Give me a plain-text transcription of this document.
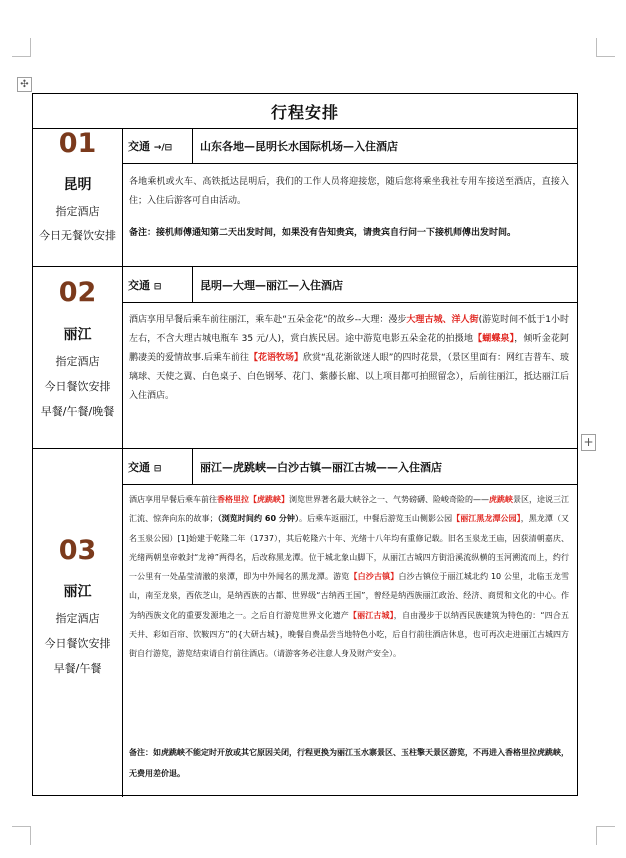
✣
+
行程安排
01
昆明
指定酒店
今日无餐饮安排
交通 →/⊟	山东各地—昆明长水国际机场—入住酒店
各地乘机或火车、高铁抵达昆明后，我们的工作人员将迎接您，随后您将乘坐我社专用车接送至酒店，直接入住；入住后游客可自由活动。
备注：接机师傅通知第二天出发时间，如果没有告知贵宾，请贵宾自行问一下接机师傅出发时间。
02
丽江
指定酒店
今日餐饮安排
早餐/午餐/晚餐
交通 ⊟	昆明—大理—丽江—入住酒店
酒店享用早餐后乘车前往丽江，乘车赴“五朵金花”的故乡--大理：漫步大理古城、洋人街(游览时间不低于1小时左右，不含大理古城电瓶车 35 元/人)，赏白族民居。途中游览电影五朵金花的拍摄地【蝴蝶泉】，倾听金花阿鹏凄美的爱情故事.后乘车前往【花语牧场】欣赏“乱花渐欲迷人眼”的四时花景，（景区里面有：网红吉普车、玻璃球、天使之翼、白色桌子、白色钢琴、花门、紫藤长廊、以上项目都可拍照留念），后前往丽江，抵达丽江后入住酒店。
03
丽江
指定酒店
今日餐饮安排
早餐/午餐
交通 ⊟	丽江—虎跳峡—白沙古镇—丽江古城——入住酒店
酒店享用早餐后乘车前往香格里拉【虎跳峡】浏览世界著名最大峡谷之一、气势磅礴、险峻奇险的——虎跳峡景区，途说三江汇流、惊奔向东的故事；（浏览时间约 60 分钟）。后乘车返丽江，中餐后游览玉山侧影公园【丽江黑龙潭公园】，黑龙潭（又名玉泉公园）[1]始建于乾隆二年（1737），其后乾隆六十年、光绪十八年均有重修记载。旧名玉泉龙王庙，因获清朝嘉庆、光绪两朝皇帝敕封“龙神”两得名，后改称黑龙潭。位于城北象山脚下，从丽江古城四方街沿溪流纵横的玉河溯流而上，约行一公里有一处晶莹清澈的泉潭，即为中外闻名的黑龙潭。游览【白沙古镇】白沙古镇位于丽江城北约 10 公里，北临玉龙雪山，南至龙泉，西依芝山，是纳西族的古都、世界级“古纳西王国”，曾经是纳西族丽江政治、经济、商贸和文化的中心。作为纳西族文化的重要发源地之一。之后自行游览世界文化遗产【丽江古城】，自由漫步于以纳西民族建筑为特色的：“四合五天井、彩如百帘、饮鞍四方”的{大研古城}，晚餐自费品尝当地特色小吃，后自行前往酒店休息，也可再次走进丽江古城四方街自行游览，游览结束请自行前往酒店。（请游客务必注意人身及财产安全）。
备注：如虎跳峡不能定时开放或其它原因关闭，行程更换为丽江玉水寨景区、玉柱擎天景区游览，不再进入香格里拉虎跳峡，无费用差价退。
